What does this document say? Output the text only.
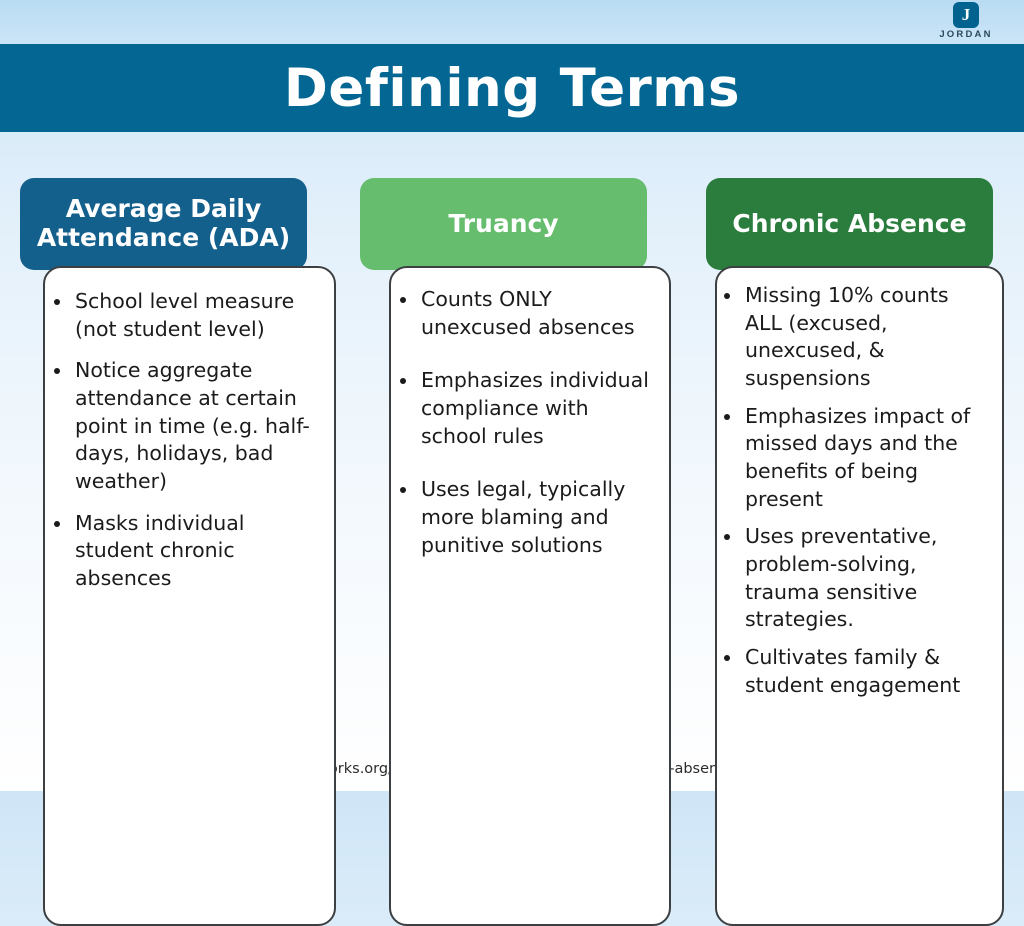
J
JORDAN
Defining Terms
Average Daily Attendance (ADA)
• School level measure (not student level)
• Notice aggregate attendance at certain point in time (e.g. half-days, holidays, bad weather)
• Masks individual student chronic absences
Truancy
• Counts ONLY unexcused absences
• Emphasizes individual compliance with school rules
• Uses legal, typically more blaming and punitive solutions
Chronic Absence
• Missing 10% counts ALL (excused, unexcused, & suspensions
• Emphasizes impact of missed days and the benefits of being present
• Uses preventative, problem-solving, trauma sensitive strategies.
• Cultivates family & student engagement
